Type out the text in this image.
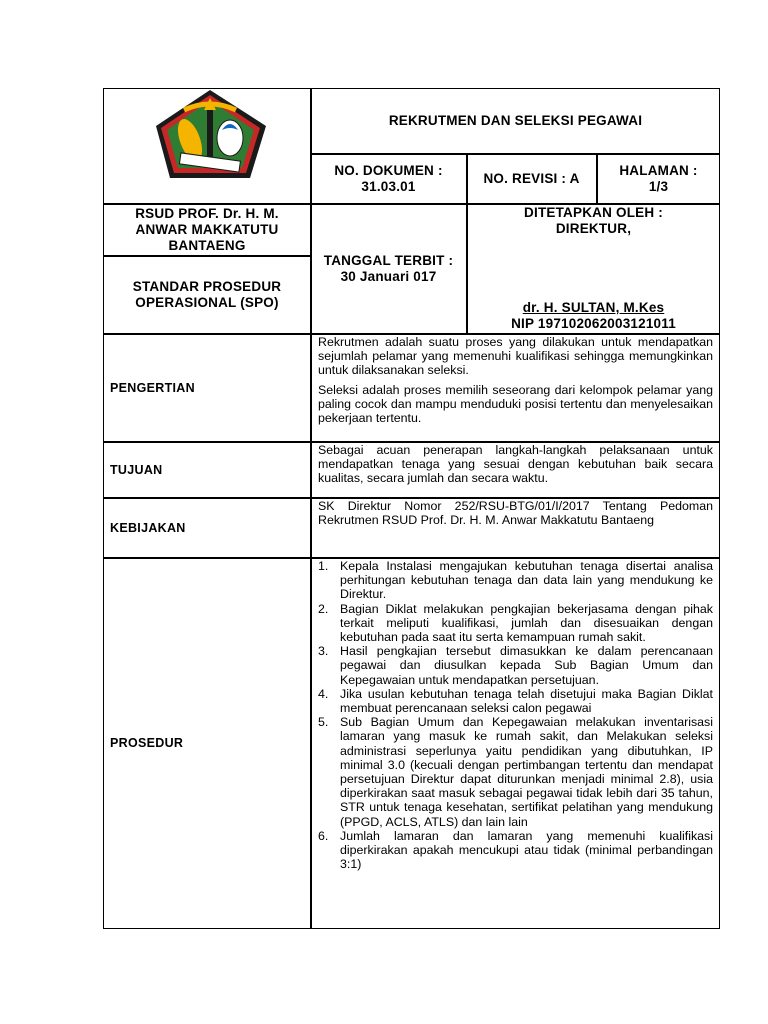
REKRUTMEN DAN SELEKSI PEGAWAI
NO. DOKUMEN :
31.03.01
NO. REVISI : A
HALAMAN :
1/3
RSUD PROF. Dr. H. M.
ANWAR MAKKATUTU
BANTAENG
STANDAR PROSEDUR
OPERASIONAL (SPO)
TANGGAL TERBIT :
30 Januari 017
DITETAPKAN OLEH :
DIREKTUR,
dr. H. SULTAN, M.Kes
NIP 197102062003121011
PENGERTIAN

Rekrutmen adalah suatu proses yang dilakukan untuk mendapatkan sejumlah pelamar yang memenuhi kualifikasi sehingga memungkinkan untuk dilaksanakan seleksi.

Seleksi adalah proses memilih seseorang dari kelompok pelamar yang paling cocok dan mampu menduduki posisi tertentu dan menyelesaikan pekerjaan tertentu.

TUJUAN

Sebagai acuan penerapan langkah-langkah pelaksanaan untuk mendapatkan tenaga yang sesuai dengan kebutuhan baik secara kualitas, secara jumlah dan secara waktu.

KEBIJAKAN

SK Direktur Nomor 252/RSU-BTG/01/I/2017 Tentang Pedoman Rekrutmen RSUD Prof. Dr. H. M. Anwar Makkatutu Bantaeng

PROSEDUR
1. Kepala Instalasi mengajukan kebutuhan tenaga disertai analisa perhitungan kebutuhan tenaga dan data lain yang mendukung ke Direktur.
2. Bagian Diklat melakukan pengkajian bekerjasama dengan pihak terkait meliputi kualifikasi, jumlah dan disesuaikan dengan kebutuhan pada saat itu serta kemampuan rumah sakit.
3. Hasil pengkajian tersebut dimasukkan ke dalam perencanaan pegawai dan diusulkan kepada Sub Bagian Umum dan Kepegawaian untuk mendapatkan persetujuan.
4. Jika usulan kebutuhan tenaga telah disetujui maka Bagian Diklat membuat perencanaan seleksi calon pegawai
5. Sub Bagian Umum dan Kepegawaian melakukan inventarisasi lamaran yang masuk ke rumah sakit, dan Melakukan seleksi administrasi seperlunya yaitu pendidikan yang dibutuhkan, IP minimal 3.0 (kecuali dengan pertimbangan tertentu dan mendapat persetujuan Direktur dapat diturunkan menjadi minimal 2.8), usia diperkirakan saat masuk sebagai pegawai tidak lebih dari 35 tahun, STR untuk tenaga kesehatan, sertifikat pelatihan yang mendukung (PPGD, ACLS, ATLS) dan lain lain
6. Jumlah lamaran dan lamaran yang memenuhi kualifikasi diperkirakan apakah mencukupi atau tidak (minimal perbandingan 3:1)
